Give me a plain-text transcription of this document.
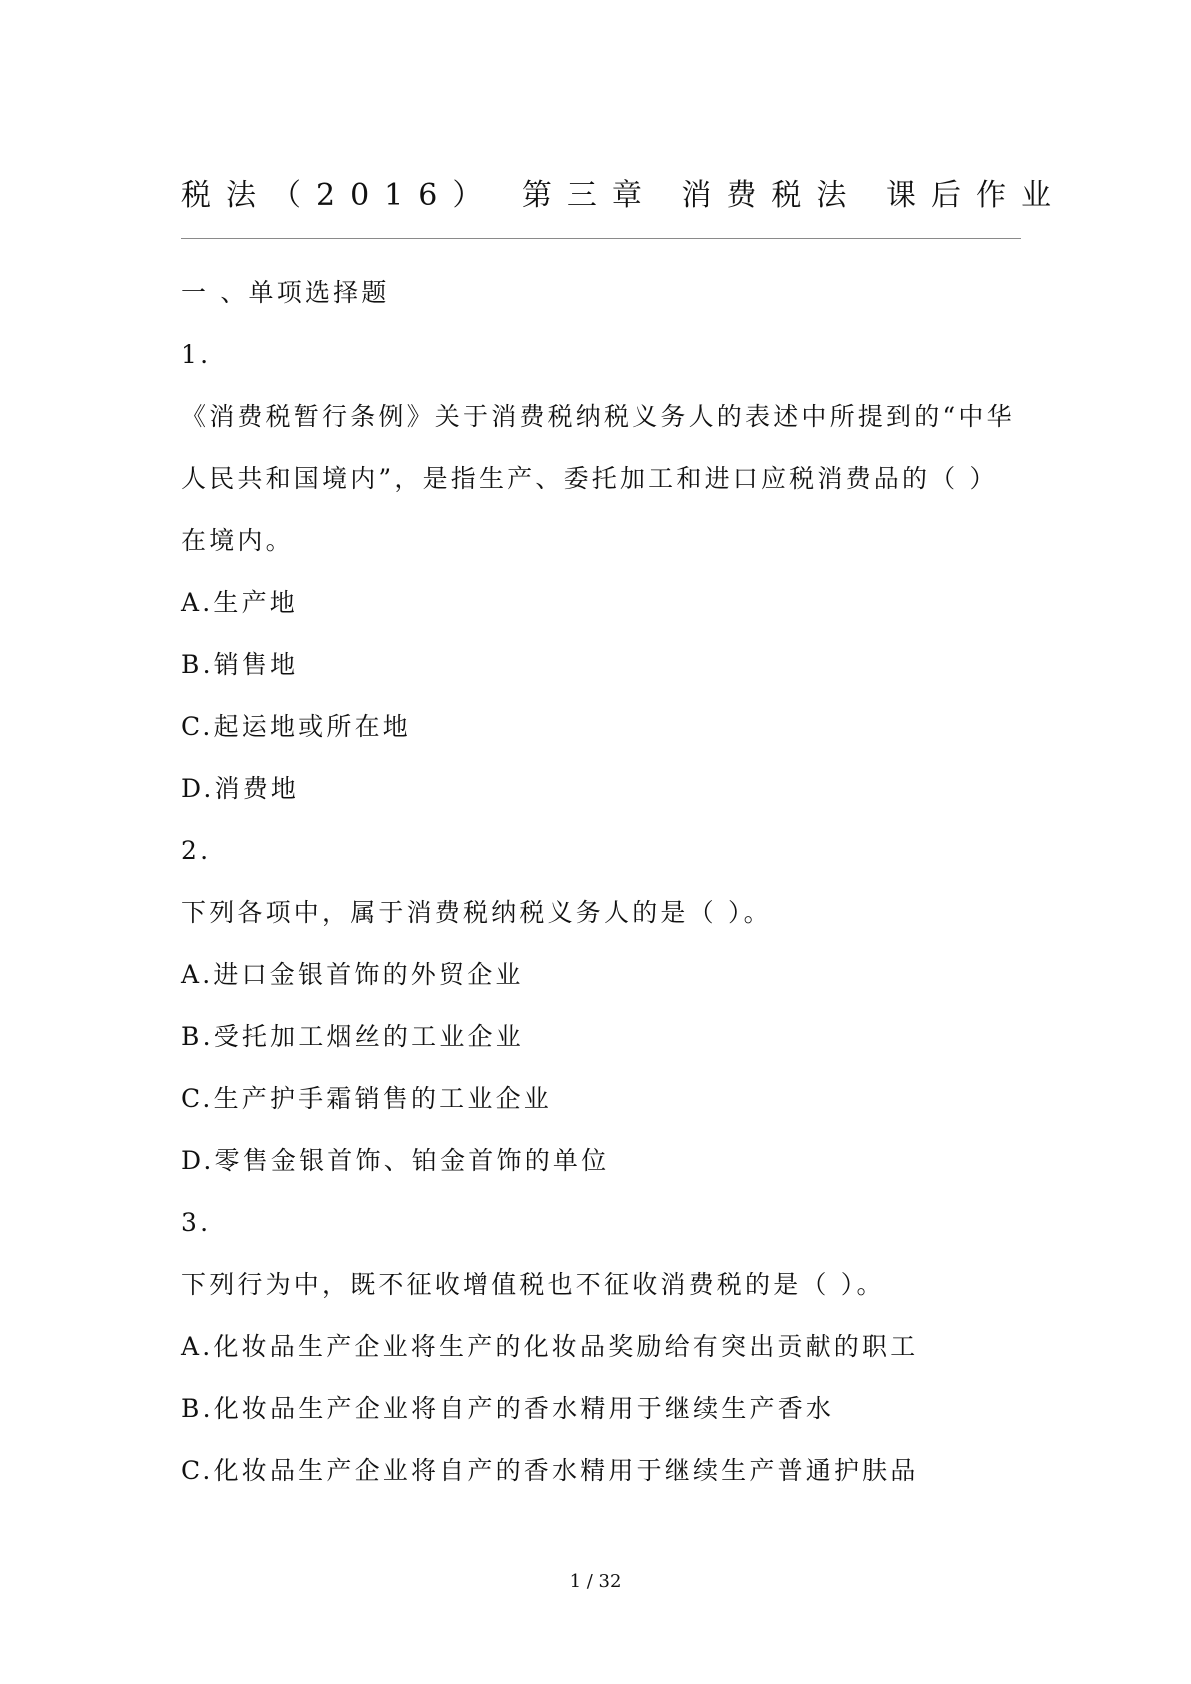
税法（2016） 第三章 消费税法 课后作业
一 、单项选择题
1.
《消费税暂行条例》关于消费税纳税义务人的表述中所提到的“中华
人民共和国境内”，是指生产、委托加工和进口应税消费品的（ ）
在境内。
A.生产地
B.销售地
C.起运地或所在地
D.消费地
2.
下列各项中，属于消费税纳税义务人的是（ ）。
A.进口金银首饰的外贸企业
B.受托加工烟丝的工业企业
C.生产护手霜销售的工业企业
D.零售金银首饰、铂金首饰的单位
3.
下列行为中，既不征收增值税也不征收消费税的是（ ）。
A.化妆品生产企业将生产的化妆品奖励给有突出贡献的职工
B.化妆品生产企业将自产的香水精用于继续生产香水
C.化妆品生产企业将自产的香水精用于继续生产普通护肤品
1 / 32
